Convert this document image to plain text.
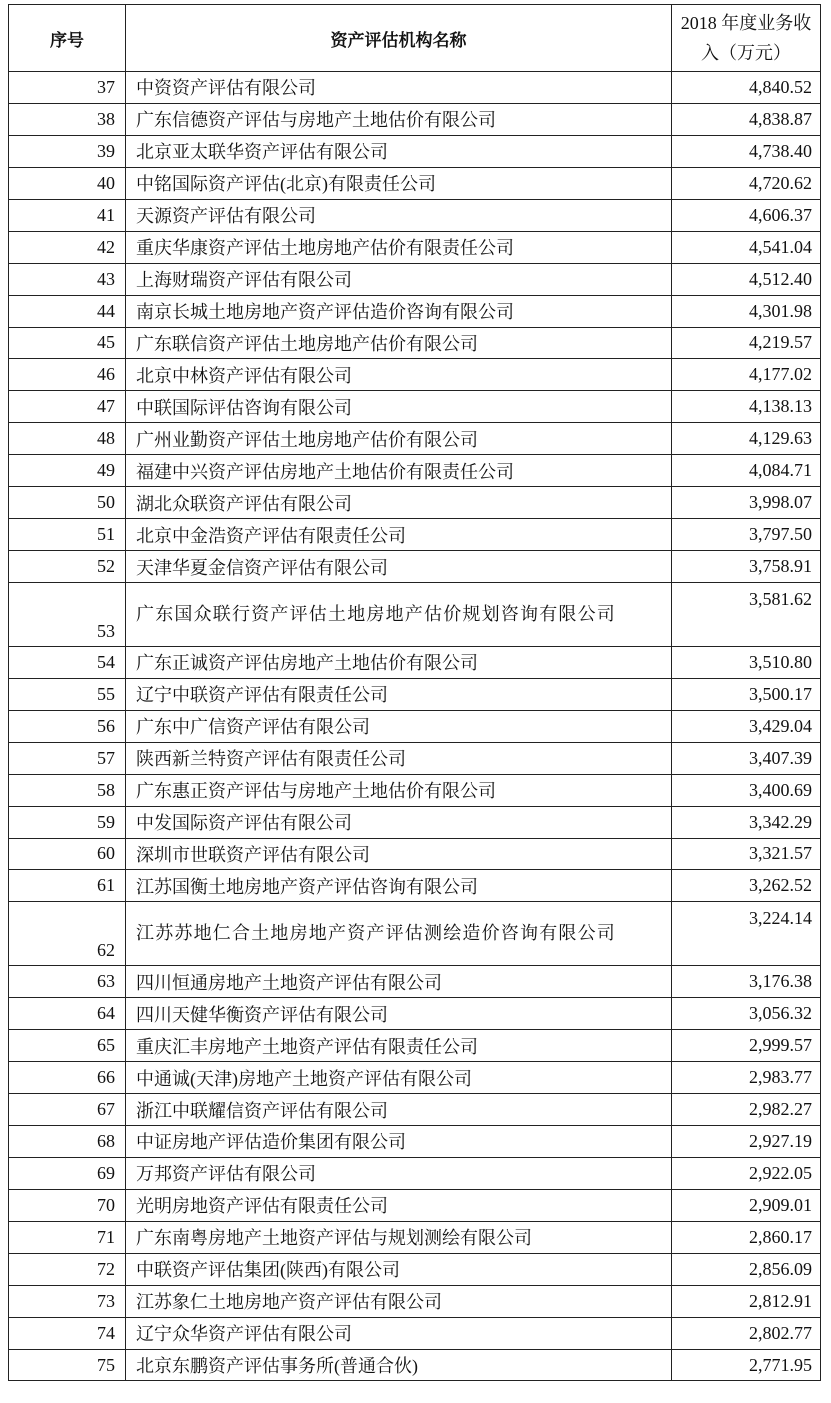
序号	资产评估机构名称	2018 年度业务收入（万元）
37	中资资产评估有限公司	4,840.52
38	广东信德资产评估与房地产土地估价有限公司	4,838.87
39	北京亚太联华资产评估有限公司	4,738.40
40	中铭国际资产评估(北京)有限责任公司	4,720.62
41	天源资产评估有限公司	4,606.37
42	重庆华康资产评估土地房地产估价有限责任公司	4,541.04
43	上海财瑞资产评估有限公司	4,512.40
44	南京长城土地房地产资产评估造价咨询有限公司	4,301.98
45	广东联信资产评估土地房地产估价有限公司	4,219.57
46	北京中林资产评估有限公司	4,177.02
47	中联国际评估咨询有限公司	4,138.13
48	广州业勤资产评估土地房地产估价有限公司	4,129.63
49	福建中兴资产评估房地产土地估价有限责任公司	4,084.71
50	湖北众联资产评估有限公司	3,998.07
51	北京中金浩资产评估有限责任公司	3,797.50
52	天津华夏金信资产评估有限公司	3,758.91
53	广东国众联行资产评估土地房地产估价规划咨询有限公司	3,581.62
54	广东正诚资产评估房地产土地估价有限公司	3,510.80
55	辽宁中联资产评估有限责任公司	3,500.17
56	广东中广信资产评估有限公司	3,429.04
57	陕西新兰特资产评估有限责任公司	3,407.39
58	广东惠正资产评估与房地产土地估价有限公司	3,400.69
59	中发国际资产评估有限公司	3,342.29
60	深圳市世联资产评估有限公司	3,321.57
61	江苏国衡土地房地产资产评估咨询有限公司	3,262.52
62	江苏苏地仁合土地房地产资产评估测绘造价咨询有限公司	3,224.14
63	四川恒通房地产土地资产评估有限公司	3,176.38
64	四川天健华衡资产评估有限公司	3,056.32
65	重庆汇丰房地产土地资产评估有限责任公司	2,999.57
66	中通诚(天津)房地产土地资产评估有限公司	2,983.77
67	浙江中联耀信资产评估有限公司	2,982.27
68	中证房地产评估造价集团有限公司	2,927.19
69	万邦资产评估有限公司	2,922.05
70	光明房地资产评估有限责任公司	2,909.01
71	广东南粤房地产土地资产评估与规划测绘有限公司	2,860.17
72	中联资产评估集团(陕西)有限公司	2,856.09
73	江苏象仁土地房地产资产评估有限公司	2,812.91
74	辽宁众华资产评估有限公司	2,802.77
75	北京东鹏资产评估事务所(普通合伙)	2,771.95
